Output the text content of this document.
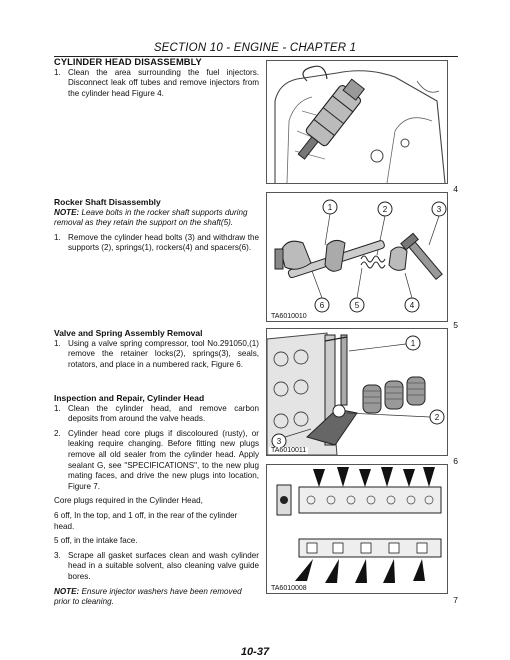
SECTION 10 - ENGINE - CHAPTER 1

CYLINDER HEAD DISASSEMBLY

1. Clean the area surrounding the fuel injectors. Disconnect leak off tubes and remove injectors from the cylinder head Figure 4.

Rocker Shaft Disassembly

NOTE: Leave bolts in the rocker shaft supports during removal as they retain the support on the shaft(5).

1. Remove the cylinder head bolts (3) and withdraw the supports (2), springs(1), rockers(4) and spacers(6).

Valve and Spring Assembly Removal

1. Using a valve spring compressor, tool No.291050,(1) remove the retainer locks(2), springs(3), seals, rotators, and place in a numbered rack, Figure 6.

Inspection and Repair, Cylinder Head

1. Clean the cylinder head, and remove carbon deposits from around the valve heads.
2. Cylinder head core plugs if discoloured (rusty), or leaking require changing. Before fitting new plugs remove all old sealer from the cylinder head. Apply sealant G, see "SPECIFICATIONS", to the new plug mating faces, and drive the new plugs into location, Figure 7.

Core plugs required in the Cylinder Head,

6 off, In the top, and 1 off, in the rear of the cylinder head.

5 off, in the intake face.

3. Scrape all gasket surfaces clean and wash cylinder head in a suitable solvent, also cleaning valve guide bores.

NOTE: Ensure injector washers have been removed prior to cleaning.

4
1	2	3
6	5	4
TA6010010
5
1
2
3
TA6010011
6
TA6010008
7
10-37
